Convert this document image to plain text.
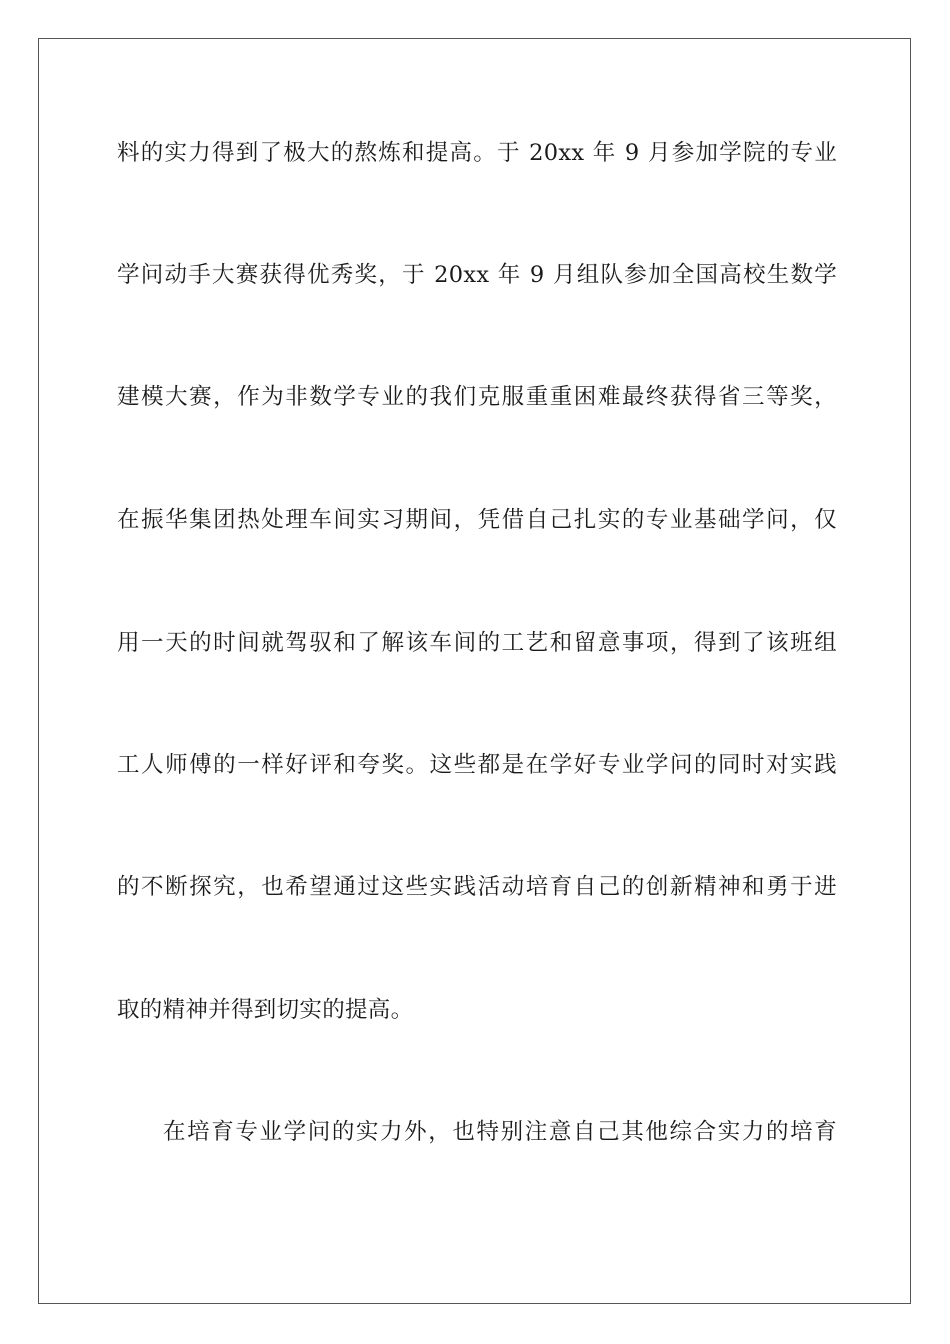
料的实力得到了极大的熬炼和提高。于 20xx 年 9 月参加学院的专业
学问动手大赛获得优秀奖，于 20xx 年 9 月组队参加全国高校生数学
建模大赛，作为非数学专业的我们克服重重困难最终获得省三等奖，
在振华集团热处理车间实习期间，凭借自己扎实的专业基础学问，仅
用一天的时间就驾驭和了解该车间的工艺和留意事项，得到了该班组
工人师傅的一样好评和夸奖。这些都是在学好专业学问的同时对实践
的不断探究，也希望通过这些实践活动培育自己的创新精神和勇于进
取的精神并得到切实的提高。
在培育专业学问的实力外，也特别注意自己其他综合实力的培育
